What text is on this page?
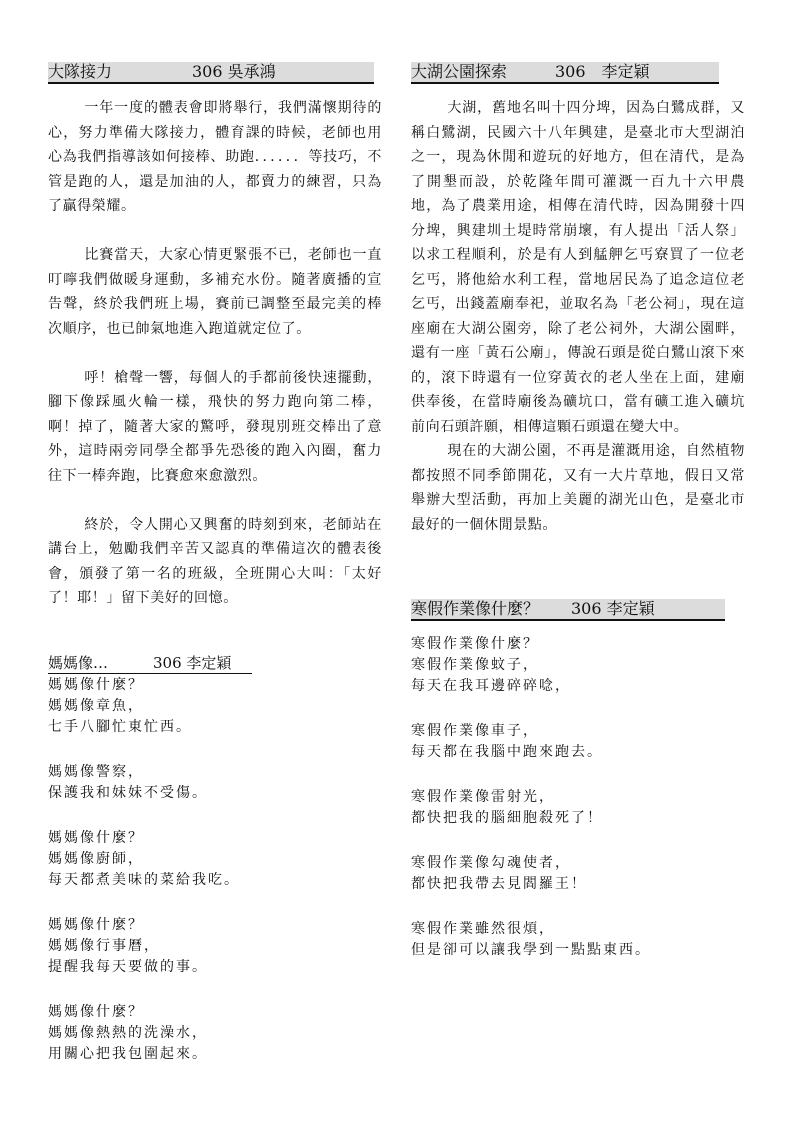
大隊接力　　　　　306 吳承鴻

一年一度的體表會即將舉行，我們滿懷期待的心，努力準備大隊接力，體育課的時候，老師也用心為我們指導該如何接棒、助跑．．．．．．等技巧，不管是跑的人，還是加油的人，都賣力的練習，只為了贏得榮耀。

比賽當天，大家心情更緊張不已，老師也一直叮嚀我們做暖身運動，多補充水份。隨著廣播的宣告聲，終於我們班上場，賽前已調整至最完美的棒次順序，也已帥氣地進入跑道就定位了。

呼！槍聲一響，每個人的手都前後快速擺動，腳下像踩風火輪一樣，飛快的努力跑向第二棒，啊！掉了，隨著大家的驚呼，發現別班交棒出了意外，這時兩旁同學全都爭先恐後的跑入內圈，奮力往下一棒奔跑，比賽愈來愈激烈。

終於，令人開心又興奮的時刻到來，老師站在講台上，勉勵我們辛苦又認真的準備這次的體表後會，頒發了第一名的班級，全班開心大叫：「太好了！耶！」留下美好的回憶。

媽媽像…　　　306 李定穎
媽媽像什麼？
媽媽像章魚，
七手八腳忙東忙西。
媽媽像警察，
保護我和妹妹不受傷。
媽媽像什麼？
媽媽像廚師，
每天都煮美味的菜給我吃。
媽媽像什麼？
媽媽像行事曆，
提醒我每天要做的事。
媽媽像什麼？
媽媽像熱熱的洗澡水，
用關心把我包圍起來。
大湖公園探索　　　306　李定穎

大湖，舊地名叫十四分埤，因為白鷺成群，又稱白鷺湖，民國六十八年興建，是臺北市大型湖泊之一，現為休閒和遊玩的好地方，但在清代，是為了開墾而設，於乾隆年間可灌溉一百九十六甲農地，為了農業用途，相傳在清代時，因為開發十四分埤，興建圳土堤時常崩壞，有人提出「活人祭」以求工程順利，於是有人到艋舺乞丐寮買了一位老乞丐，將他給水利工程，當地居民為了追念這位老乞丐，出錢蓋廟奉祀，並取名為「老公祠」，現在這座廟在大湖公園旁，除了老公祠外，大湖公園畔，還有一座「黃石公廟」，傳說石頭是從白鷺山滾下來的，滾下時還有一位穿黃衣的老人坐在上面，建廟供奉後，在當時廟後為礦坑口，當有礦工進入礦坑前向石頭許願，相傳這顆石頭還在變大中。

現在的大湖公園，不再是灌溉用途，自然植物都按照不同季節開花，又有一大片草地，假日又常舉辦大型活動，再加上美麗的湖光山色，是臺北市最好的一個休閒景點。

寒假作業像什麼？　　306 李定穎
寒假作業像什麼？
寒假作業像蚊子，
每天在我耳邊碎碎唸，
寒假作業像車子，
每天都在我腦中跑來跑去。
寒假作業像雷射光，
都快把我的腦細胞殺死了！
寒假作業像勾魂使者，
都快把我帶去見閻羅王！
寒假作業雖然很煩，
但是卻可以讓我學到一點點東西。
